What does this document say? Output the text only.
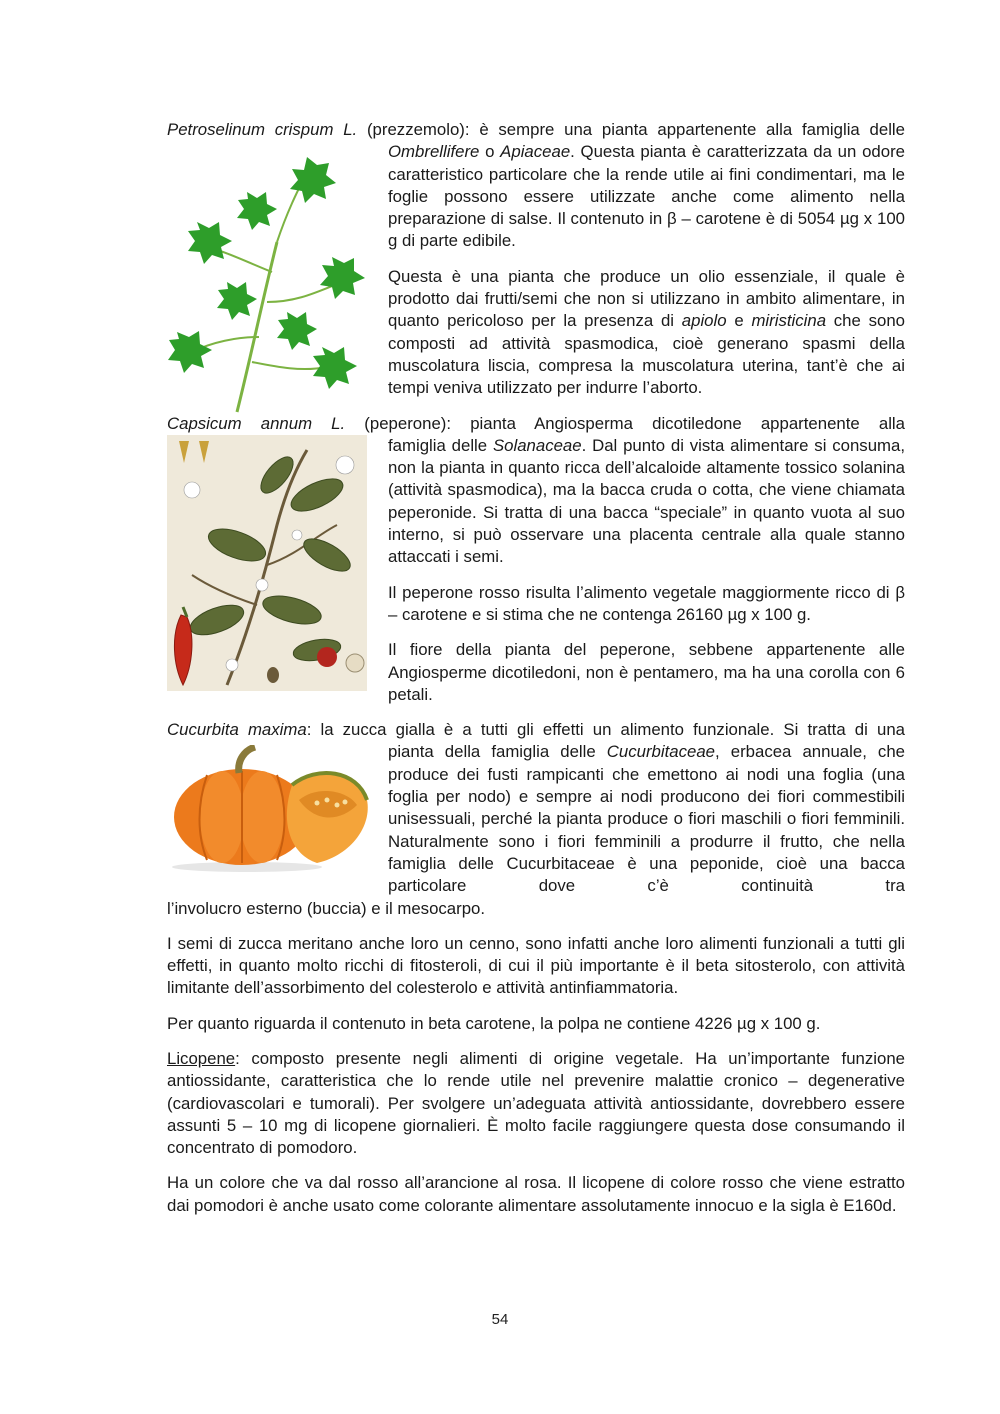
Petroselinum crispum L. (prezzemolo): è sempre una pianta appartenente alla famiglia delle

Ombrellifere o Apiaceae. Questa pianta è caratterizzata da un odore caratteristico particolare che la rende utile ai fini condimentari, ma le foglie possono essere utilizzate anche come alimento nella preparazione di salse. Il contenuto in β – carotene è di 5054 µg x 100 g di parte edibile.

Questa è una pianta che produce un olio essenziale, il quale è prodotto dai frutti/semi che non si utilizzano in ambito alimentare, in quanto pericoloso per la presenza di apiolo e miristicina che sono composti ad attività spasmodica, cioè generano spasmi della muscolatura liscia, compresa la muscolatura uterina, tant’è che ai tempi veniva utilizzato per indurre l’aborto.

Capsicum annum L. (peperone): pianta Angiosperma dicotiledone appartenente alla

famiglia delle Solanaceae. Dal punto di vista alimentare si consuma, non la pianta in quanto ricca dell’alcaloide altamente tossico solanina (attività spasmodica), ma la bacca cruda o cotta, che viene chiamata peperonide. Si tratta di una bacca “speciale” in quanto vuota al suo interno, si può osservare una placenta centrale alla quale stanno attaccati i semi.

Il peperone rosso risulta l’alimento vegetale maggiormente ricco di β – carotene e si stima che ne contenga 26160 µg x 100 g.

Il fiore della pianta del peperone, sebbene appartenente alle Angiosperme dicotiledoni, non è pentamero, ma ha una corolla con 6 petali.

Cucurbita maxima: la zucca gialla è a tutti gli effetti un alimento funzionale. Si tratta di una

pianta della famiglia delle Cucurbitaceae, erbacea annuale, che produce dei fusti rampicanti che emettono ai nodi una foglia (una foglia per nodo) e sempre ai nodi producono dei fiori commestibili unisessuali, perché la pianta produce o fiori maschili o fiori femminili. Naturalmente sono i fiori femminili a produrre il frutto, che nella famiglia delle Cucurbitaceae è una peponide, cioè una bacca particolare dove c’è continuità tra

l’involucro esterno (buccia) e il mesocarpo.

I semi di zucca meritano anche loro un cenno, sono infatti anche loro alimenti funzionali a tutti gli effetti, in quanto molto ricchi di fitosteroli, di cui il più importante è il beta sitosterolo, con attività limitante dell’assorbimento del colesterolo e attività antinfiammatoria.

Per quanto riguarda il contenuto in beta carotene, la polpa ne contiene 4226 µg x 100 g.

Licopene: composto presente negli alimenti di origine vegetale. Ha un’importante funzione antiossidante, caratteristica che lo rende utile nel prevenire malattie cronico – degenerative (cardiovascolari e tumorali). Per svolgere un’adeguata attività antiossidante, dovrebbero essere assunti 5 – 10 mg di licopene giornalieri. È molto facile raggiungere questa dose consumando il concentrato di pomodoro.

Ha un colore che va dal rosso all’arancione al rosa. Il licopene di colore rosso che viene estratto dai pomodori è anche usato come colorante alimentare assolutamente innocuo e la sigla è E160d.

54
